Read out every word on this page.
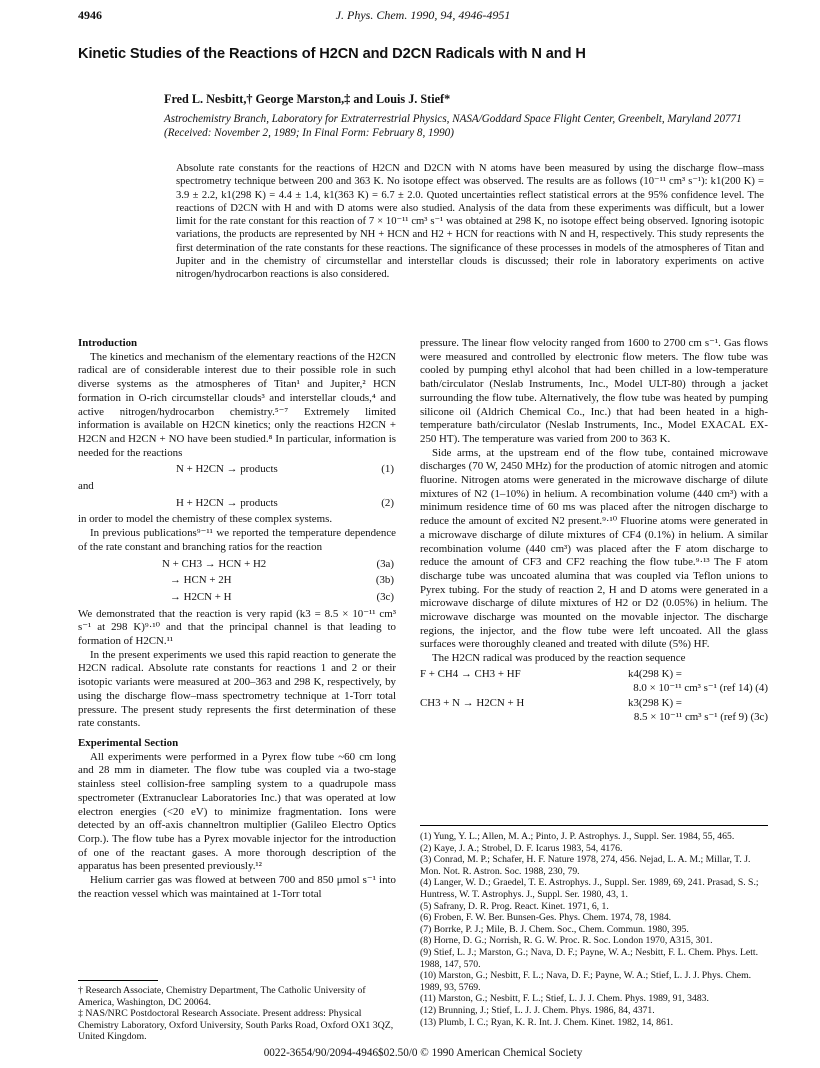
4946	J. Phys. Chem. 1990, 94, 4946-4951
Kinetic Studies of the Reactions of H2CN and D2CN Radicals with N and H
Fred L. Nesbitt,† George Marston,‡ and Louis J. Stief*
Astrochemistry Branch, Laboratory for Extraterrestrial Physics, NASA/Goddard Space Flight Center, Greenbelt, Maryland 20771 (Received: November 2, 1989; In Final Form: February 8, 1990)
Absolute rate constants for the reactions of H2CN and D2CN with N atoms have been measured by using the discharge flow–mass spectrometry technique between 200 and 363 K. No isotope effect was observed. The results are as follows (10⁻¹¹ cm³ s⁻¹): k1(200 K) = 3.9 ± 2.2, k1(298 K) = 4.4 ± 1.4, k1(363 K) = 6.7 ± 2.0. Quoted uncertainties reflect statistical errors at the 95% confidence level. The reactions of D2CN with H and with D atoms were also studied. Analysis of the data from these experiments was difficult, but a lower limit for the rate constant for this reaction of 7 × 10⁻¹¹ cm³ s⁻¹ was obtained at 298 K, no isotope effect being observed. Ignoring isotopic variations, the products are represented by NH + HCN and H2 + HCN for reactions with N and H, respectively. This study represents the first determination of the rate constants for these reactions. The significance of these processes in models of the atmospheres of Titan and Jupiter and in the chemistry of circumstellar and interstellar clouds is discussed; their role in laboratory experiments on active nitrogen/hydrocarbon reactions is also considered.

Introduction

The kinetics and mechanism of the elementary reactions of the H2CN radical are of considerable interest due to their possible role in such diverse systems as the atmospheres of Titan¹ and Jupiter,² HCN formation in O-rich circumstellar clouds³ and interstellar clouds,⁴ and active nitrogen/hydrocarbon chemistry.⁵⁻⁷ Extremely limited information is available on H2CN kinetics; only the reactions H2CN + H2CN and H2CN + NO have been studied.⁸ In particular, information is needed for the reactions

N + H2CN → products	(1)

and

H + H2CN → products	(2)

in order to model the chemistry of these complex systems.

In previous publications⁹⁻¹¹ we reported the temperature dependence of the rate constant and branching ratios for the reaction

N + CH3 → HCN + H2	(3a)
→ HCN + 2H	(3b)
→ H2CN + H	(3c)

We demonstrated that the reaction is very rapid (k3 = 8.5 × 10⁻¹¹ cm³ s⁻¹ at 298 K)⁹·¹⁰ and that the principal channel is that leading to formation of H2CN.¹¹

In the present experiments we used this rapid reaction to generate the H2CN radical. Absolute rate constants for reactions 1 and 2 or their isotopic variants were measured at 200–363 and 298 K, respectively, by using the discharge flow–mass spectrometry technique at 1-Torr total pressure. The present study represents the first determination of these rate constants.

Experimental Section

All experiments were performed in a Pyrex flow tube ~60 cm long and 28 mm in diameter. The flow tube was coupled via a two-stage stainless steel collision-free sampling system to a quadrupole mass spectrometer (Extranuclear Laboratories Inc.) that was operated at low electron energies (<20 eV) to minimize fragmentation. Ions were detected by an off-axis channeltron multiplier (Galileo Electro Optics Corp.). The flow tube has a Pyrex movable injector for the introduction of one of the reactant gases. A more thorough description of the apparatus has been presented previously.¹²

Helium carrier gas was flowed at between 700 and 850 μmol s⁻¹ into the reaction vessel which was maintained at 1-Torr total

pressure. The linear flow velocity ranged from 1600 to 2700 cm s⁻¹. Gas flows were measured and controlled by electronic flow meters. The flow tube was cooled by pumping ethyl alcohol that had been chilled in a low-temperature bath/circulator (Neslab Instruments, Inc., Model ULT-80) through a jacket surrounding the flow tube. Alternatively, the flow tube was heated by pumping silicone oil (Aldrich Chemical Co., Inc.) that had been heated in a high-temperature bath/circulator (Neslab Instruments, Inc., Model EXACAL EX-250 HT). The temperature was varied from 200 to 363 K.

Side arms, at the upstream end of the flow tube, contained microwave discharges (70 W, 2450 MHz) for the production of atomic nitrogen and atomic fluorine. Nitrogen atoms were generated in the microwave discharge of dilute mixtures of N2 (1–10%) in helium. A recombination volume (440 cm³) with a minimum residence time of 60 ms was placed after the nitrogen discharge to reduce the amount of excited N2 present.⁹·¹⁰ Fluorine atoms were generated in a microwave discharge of dilute mixtures of CF4 (0.1%) in helium. A similar recombination volume (440 cm³) was placed after the F atom discharge to reduce the amount of CF3 and CF2 reaching the flow tube.⁹·¹³ The F atom discharge tube was uncoated alumina that was coupled via Teflon unions to Pyrex tubing. For the study of reaction 2, H and D atoms were generated in a microwave discharge of dilute mixtures of H2 or D2 (0.05%) in helium. The microwave discharge was mounted on the movable injector. The discharge regions, the injector, and the flow tube were left uncoated. All the glass surfaces were thoroughly cleaned and treated with dilute (5%) HF.

The H2CN radical was produced by the reaction sequence

F + CH4 → CH3 + HF	k4(298 K) =
8.0 × 10⁻¹¹ cm³ s⁻¹ (ref 14) (4)
CH3 + N → H2CN + H	k3(298 K) =
8.5 × 10⁻¹¹ cm³ s⁻¹ (ref 9) (3c)
(1) Yung, Y. L.; Allen, M. A.; Pinto, J. P. Astrophys. J., Suppl. Ser. 1984, 55, 465.
(2) Kaye, J. A.; Strobel, D. F. Icarus 1983, 54, 4176.
(3) Conrad, M. P.; Schafer, H. F. Nature 1978, 274, 456. Nejad, L. A. M.; Millar, T. J. Mon. Not. R. Astron. Soc. 1988, 230, 79.
(4) Langer, W. D.; Graedel, T. E. Astrophys. J., Suppl. Ser. 1989, 69, 241. Prasad, S. S.; Huntress, W. T. Astrophys. J., Suppl. Ser. 1980, 43, 1.
(5) Safrany, D. R. Prog. React. Kinet. 1971, 6, 1.
(6) Froben, F. W. Ber. Bunsen-Ges. Phys. Chem. 1974, 78, 1984.
(7) Borrke, P. J.; Mile, B. J. Chem. Soc., Chem. Commun. 1980, 395.
(8) Horne, D. G.; Norrish, R. G. W. Proc. R. Soc. London 1970, A315, 301.
(9) Stief, L. J.; Marston, G.; Nava, D. F.; Payne, W. A.; Nesbitt, F. L. Chem. Phys. Lett. 1988, 147, 570.
(10) Marston, G.; Nesbitt, F. L.; Nava, D. F.; Payne, W. A.; Stief, L. J. J. Phys. Chem. 1989, 93, 5769.
(11) Marston, G.; Nesbitt, F. L.; Stief, L. J. J. Chem. Phys. 1989, 91, 3483.
(12) Brunning, J.; Stief, L. J. J. Chem. Phys. 1986, 84, 4371.
(13) Plumb, I. C.; Ryan, K. R. Int. J. Chem. Kinet. 1982, 14, 861.
† Research Associate, Chemistry Department, The Catholic University of America, Washington, DC 20064.
‡ NAS/NRC Postdoctoral Research Associate. Present address: Physical Chemistry Laboratory, Oxford University, South Parks Road, Oxford OX1 3QZ, United Kingdom.
0022-3654/90/2094-4946$02.50/0 © 1990 American Chemical Society
